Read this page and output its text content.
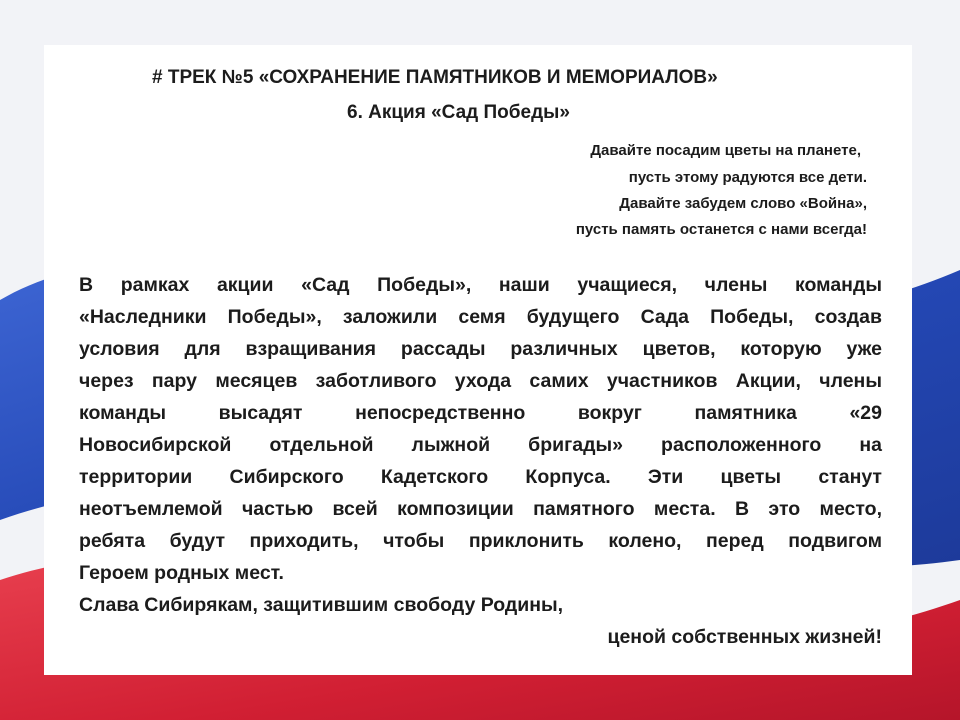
# ТРЕК №5 «СОХРАНЕНИЕ ПАМЯТНИКОВ И МЕМОРИАЛОВ»

6. Акция «Сад Победы»

Давайте посадим цветы на планете,

пусть этому радуются все дети.

Давайте забудем слово «Война»,

пусть память останется с нами всегда!

В рамках акции «Сад Победы», наши учащиеся, члены команды

«Наследники Победы», заложили семя будущего Сада Победы, создав

условия для взращивания рассады различных цветов, которую уже

через пару месяцев заботливого ухода самих участников Акции, члены

команды высадят непосредственно вокруг памятника «29

Новосибирской отдельной лыжной бригады» расположенного на

территории Сибирского Кадетского Корпуса. Эти цветы станут

неотъемлемой частью всей композиции памятного места. В это место,

ребята будут приходить, чтобы приклонить колено, перед подвигом

Героем родных мест.

Слава Сибирякам, защитившим свободу Родины,

ценой собственных жизней!
